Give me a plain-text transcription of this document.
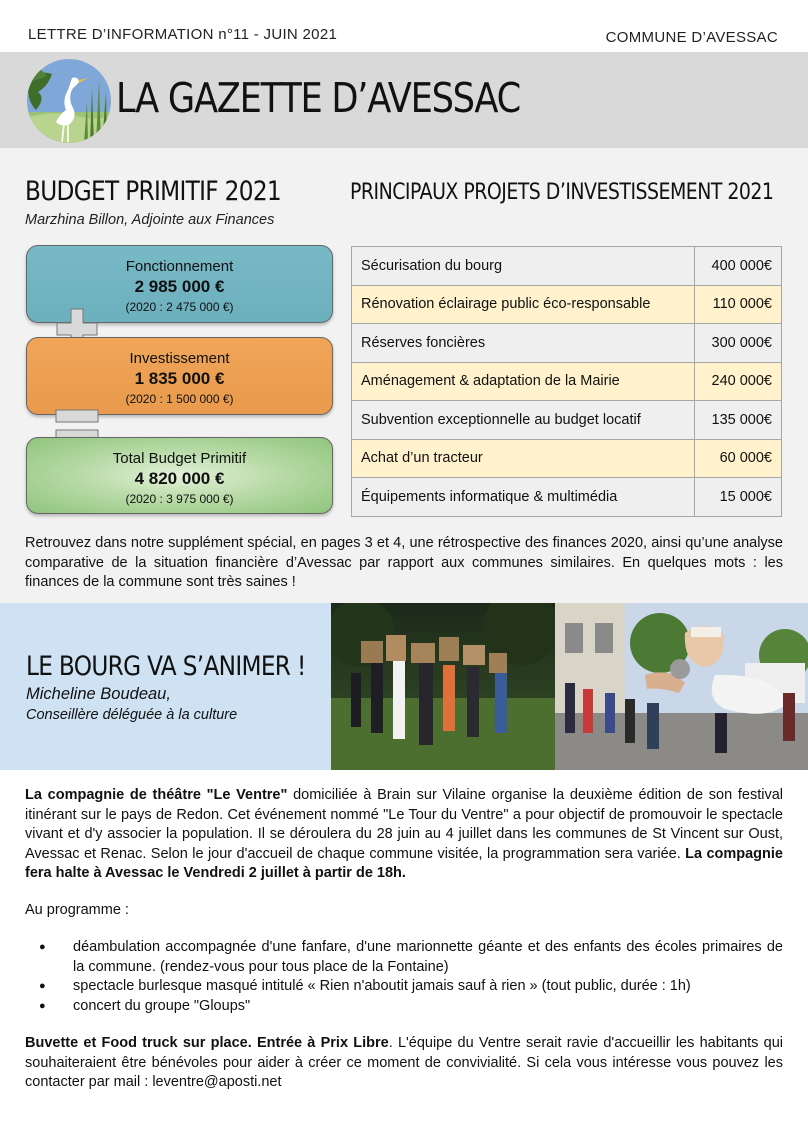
LETTRE D’INFORMATION n°11 - JUIN 2021	COMMUNE D’AVESSAC
LA GAZETTE D’AVESSAC
BUDGET PRIMITIF 2021
Marzhina Billon, Adjointe aux Finances
PRINCIPAUX PROJETS D’INVESTISSEMENT 2021
Fonctionnement
2 985 000 €
(2020 : 2 475 000 €)
Investissement
1 835 000 €
(2020 : 1 500 000 €)
Total Budget Primitif
4 820 000 €
(2020 : 3 975 000 €)
Sécurisation du bourg	400 000€
Rénovation éclairage public éco-responsable	110 000€
Réserves foncières	300 000€
Aménagement & adaptation de la Mairie	240 000€
Subvention exceptionnelle au budget locatif	135 000€
Achat d’un tracteur	60 000€
Équipements informatique & multimédia	15 000€

Retrouvez dans notre supplément spécial, en pages 3 et 4, une rétrospective des finances 2020, ainsi qu’une analyse comparative de la situation financière d’Avessac par rapport aux communes similaires. En quelques mots : les finances de la commune sont très saines !

LE BOURG VA S’ANIMER !
Micheline Boudeau,
Conseillère déléguée à la culture

La compagnie de théâtre "Le Ventre" domiciliée à Brain sur Vilaine organise la deuxième édition de son festival itinérant sur le pays de Redon. Cet événement nommé "Le Tour du Ventre" a pour objectif de promouvoir le spectacle vivant et d'y associer la population. Il se déroulera du 28 juin au 4 juillet dans les communes de St Vincent sur Oust, Avessac et Renac. Selon le jour d'accueil de chaque commune visitée, la programmation sera variée. La compagnie fera halte à Avessac le Vendredi 2 juillet à partir de 18h.

Au programme :

● déambulation accompagnée d'une fanfare, d'une marionnette géante et des enfants des écoles primaires de la commune. (rendez-vous pour tous place de la Fontaine)
● spectacle burlesque masqué intitulé « Rien n'aboutit jamais sauf à rien » (tout public, durée : 1h)
● concert du groupe "Gloups"

Buvette et Food truck sur place. Entrée à Prix Libre. L'équipe du Ventre serait ravie d'accueillir les habitants qui souhaiteraient être bénévoles pour aider à créer ce moment de convivialité. Si cela vous intéresse vous pouvez les contacter par mail : leventre@aposti.net
